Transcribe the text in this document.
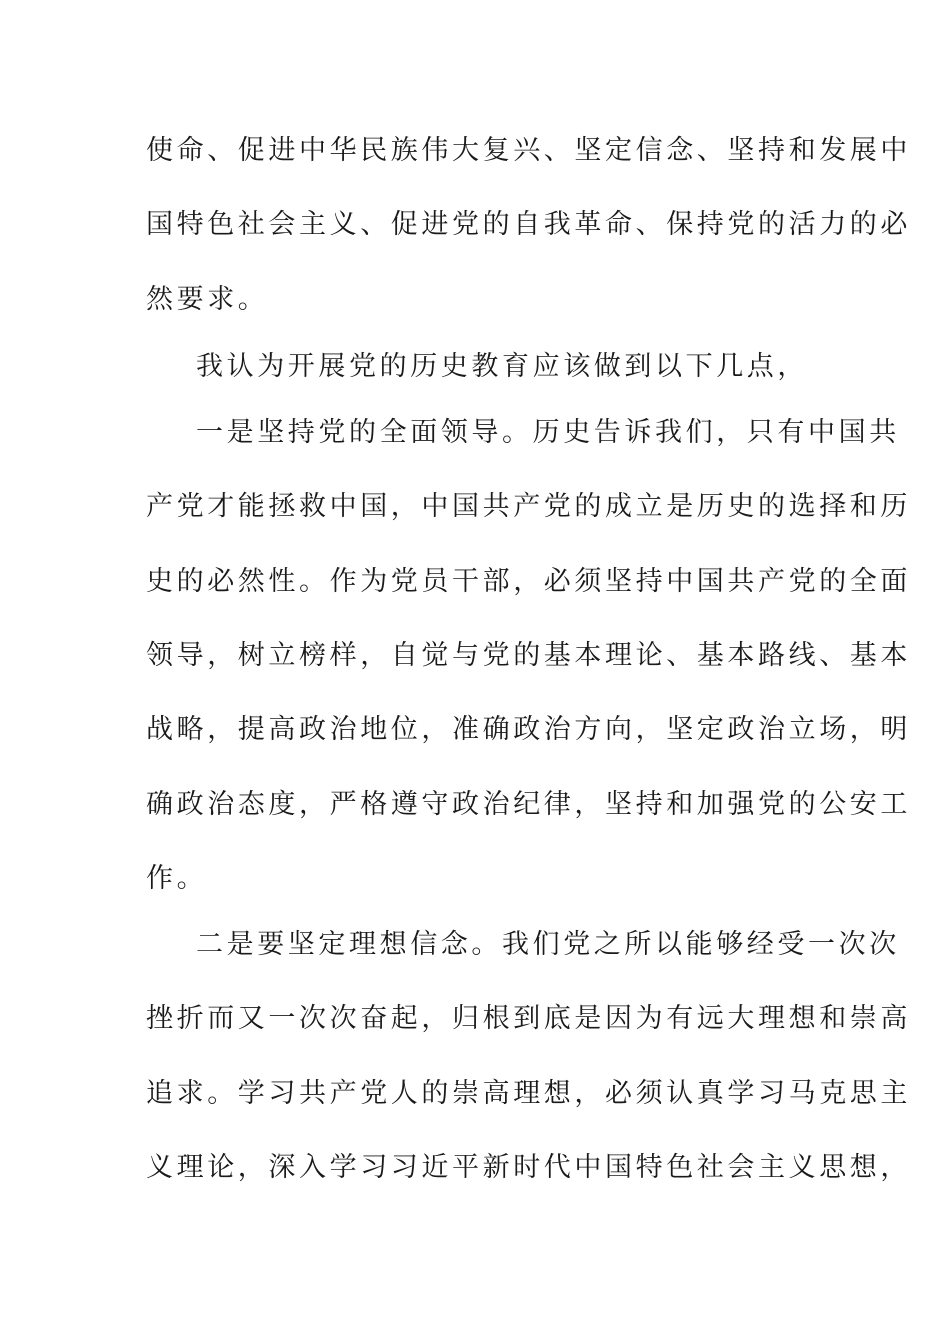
使命、促进中华民族伟大复兴、坚定信念、坚持和发展中
国特色社会主义、促进党的自我革命、保持党的活力的必
然要求。
我认为开展党的历史教育应该做到以下几点，
一是坚持党的全面领导。历史告诉我们，只有中国共
产党才能拯救中国，中国共产党的成立是历史的选择和历
史的必然性。作为党员干部，必须坚持中国共产党的全面
领导，树立榜样，自觉与党的基本理论、基本路线、基本
战略，提高政治地位，准确政治方向，坚定政治立场，明
确政治态度，严格遵守政治纪律，坚持和加强党的公安工
作。
二是要坚定理想信念。我们党之所以能够经受一次次
挫折而又一次次奋起，归根到底是因为有远大理想和崇高
追求。学习共产党人的崇高理想，必须认真学习马克思主
义理论，深入学习习近平新时代中国特色社会主义思想，
